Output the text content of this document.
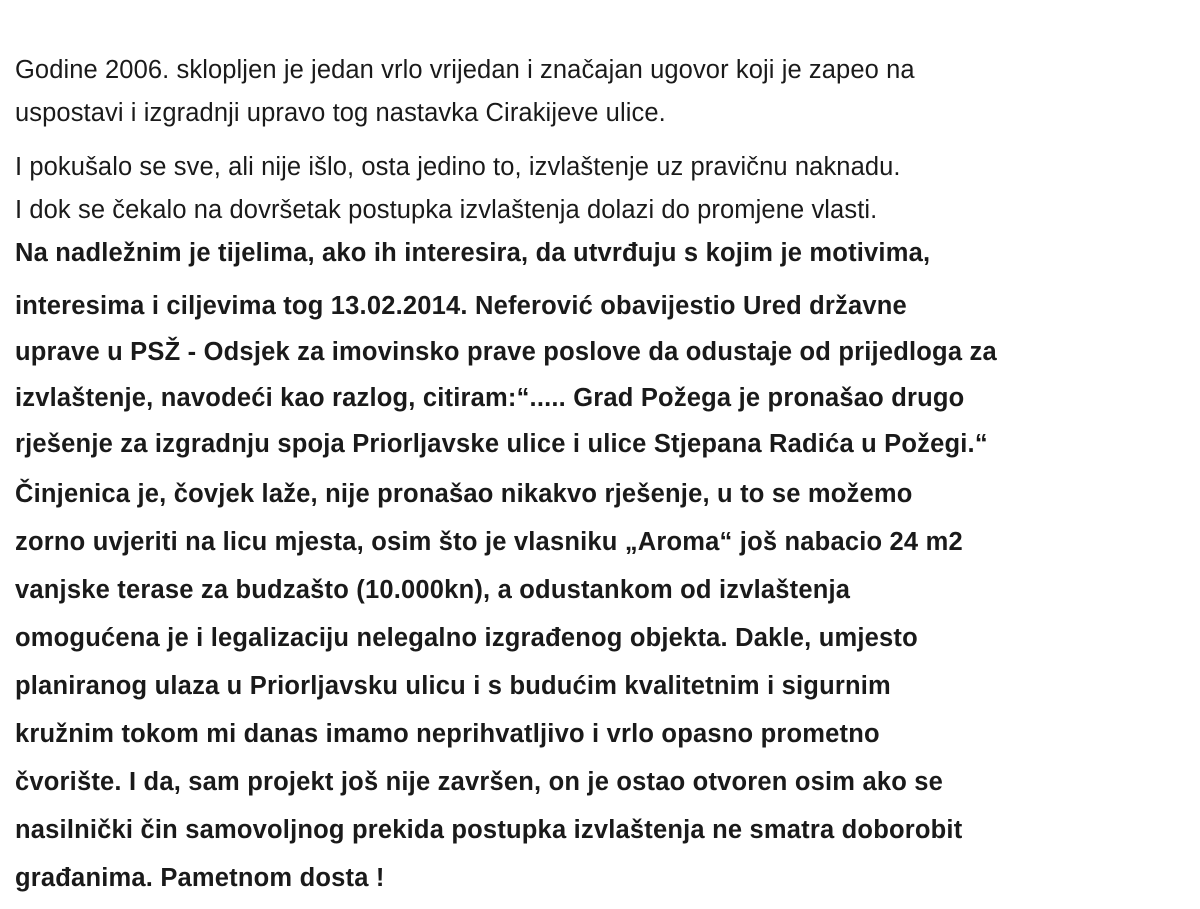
Godine 2006. sklopljen je jedan vrlo vrijedan i značajan ugovor koji je zapeo na
uspostavi i izgradnji upravo tog nastavka Cirakijeve ulice.
I pokušalo se sve, ali nije išlo, osta jedino to, izvlaštenje uz pravičnu naknadu.
I dok se čekalo na dovršetak postupka izvlaštenja dolazi do promjene vlasti.
Na nadležnim je tijelima, ako ih interesira, da utvrđuju s kojim je motivima,
interesima i ciljevima tog 13.02.2014. Neferović obavijestio Ured državne
uprave u PSŽ - Odsjek za imovinsko prave poslove da odustaje od prijedloga za
izvlaštenje, navodeći kao razlog, citiram:“..... Grad Požega je pronašao drugo
rješenje za izgradnju spoja Priorljavske ulice i ulice Stjepana Radića u Požegi.“
Činjenica je, čovjek laže, nije pronašao nikakvo rješenje, u to se možemo
zorno uvjeriti na licu mjesta, osim što je vlasniku „Aroma“ još nabacio 24 m2
vanjske terase za budzašto (10.000kn), a odustankom od izvlaštenja
omogućena je i legalizaciju nelegalno izgrađenog objekta. Dakle, umjesto
planiranog ulaza u Priorljavsku ulicu i s budućim kvalitetnim i sigurnim
kružnim tokom mi danas imamo neprihvatljivo i vrlo opasno prometno
čvorište. I da, sam projekt još nije završen, on je ostao otvoren osim ako se
nasilnički čin samovoljnog prekida postupka izvlaštenja ne smatra doborobit
građanima. Pametnom dosta !
